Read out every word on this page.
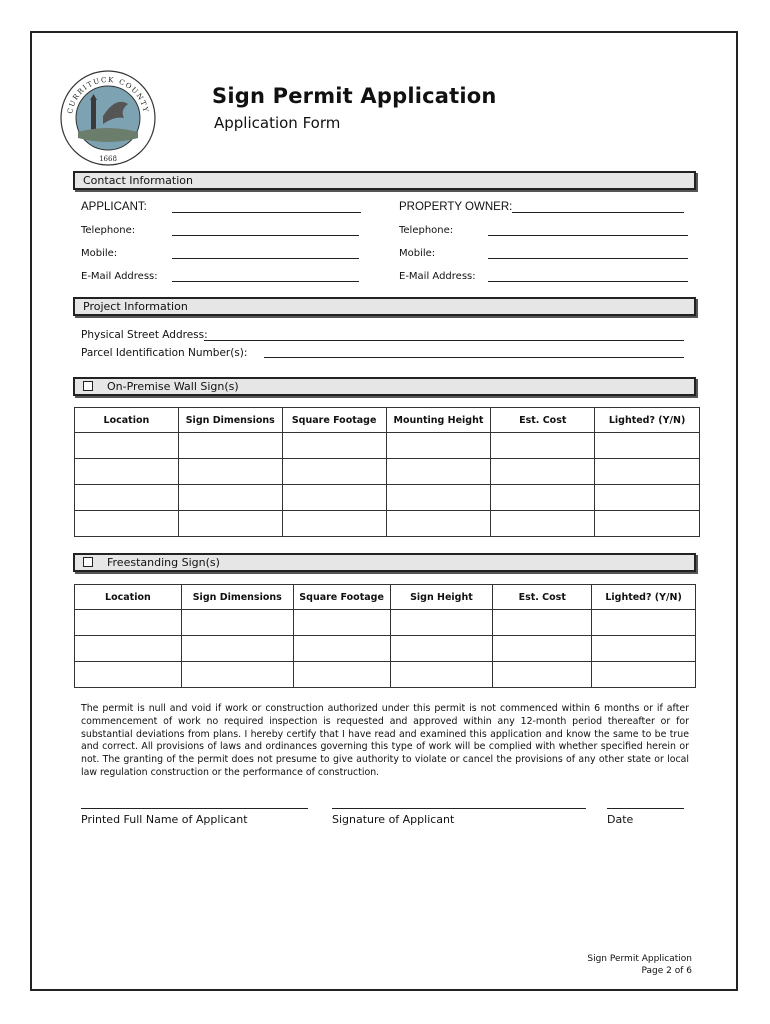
CURRITUCK COUNTY
1668
Sign Permit Application
Application Form
Contact Information
APPLICANT:	PROPERTY OWNER:
Telephone:	Telephone:
Mobile:	Mobile:
E-Mail Address:	E-Mail Address:
Project Information
Physical Street Address:
Parcel Identification Number(s):
On-Premise Wall Sign(s)
Location	Sign Dimensions	Square Footage	Mounting Height	Est. Cost	Lighted? (Y/N)

Freestanding Sign(s)
Location	Sign Dimensions	Square Footage	Sign Height	Est. Cost	Lighted? (Y/N)

The permit is null and void if work or construction authorized under this permit is not commenced within 6 months or if after commencement of work no required inspection is requested and approved within any 12-month period thereafter or for substantial deviations from plans. I hereby certify that I have read and examined this application and know the same to be true and correct. All provisions of laws and ordinances governing this type of work will be complied with whether specified herein or not. The granting of the permit does not presume to give authority to violate or cancel the provisions of any other state or local law regulation construction or the performance of construction.
Printed Full Name of Applicant	Signature of Applicant	Date
Sign Permit Application
Page 2 of 6
